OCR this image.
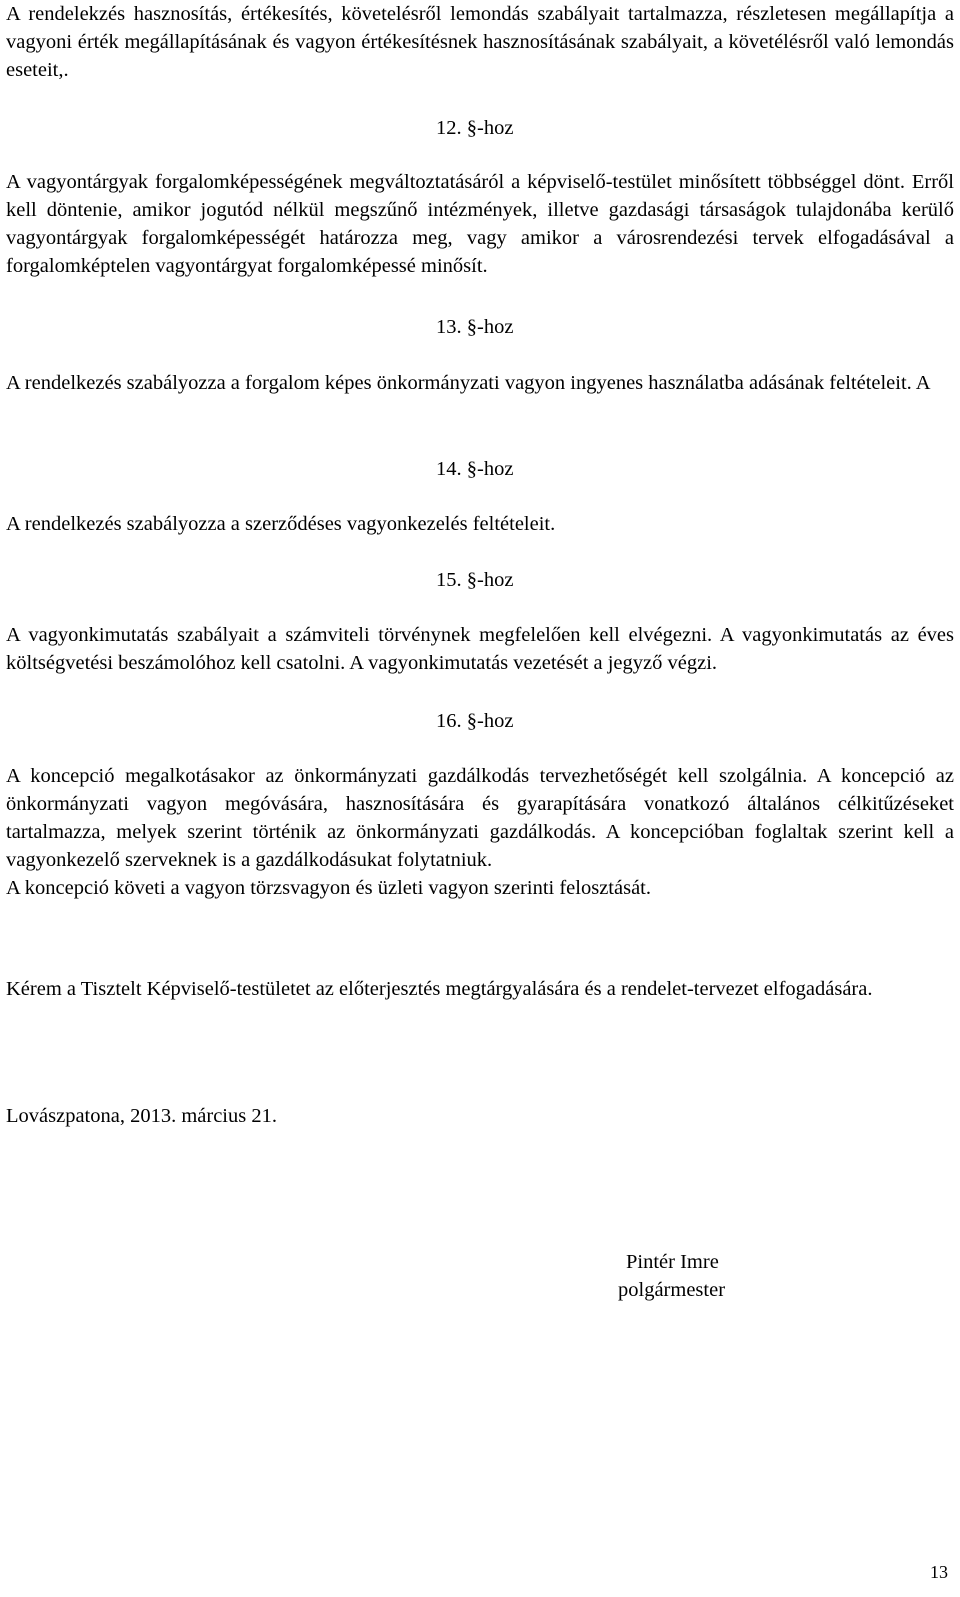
A rendelekzés hasznosítás, értékesítés, követelésről lemondás szabályait tartalmazza, részletesen megállapítja a vagyoni érték megállapításának és vagyon értékesítésnek hasznosításának szabályait, a követélésről való lemondás eseteit,.

12. §-hoz

A vagyontárgyak forgalomképességének megváltoztatásáról a képviselő-testület minősített többséggel dönt. Erről kell döntenie, amikor jogutód nélkül megszűnő intézmények, illetve gazdasági társaságok tulajdonába kerülő vagyontárgyak forgalomképességét határozza meg, vagy amikor a városrendezési tervek elfogadásával a forgalomképtelen vagyontárgyat forgalomképessé minősít.

13. §-hoz

A rendelkezés szabályozza a forgalom képes önkormányzati vagyon ingyenes használatba adásának feltételeit. A

14. §-hoz

A rendelkezés szabályozza a szerződéses vagyonkezelés feltételeit.

15. §-hoz

A vagyonkimutatás szabályait a számviteli törvénynek megfelelően kell elvégezni. A vagyonkimutatás az éves költségvetési beszámolóhoz kell csatolni. A vagyonkimutatás vezetését a jegyző végzi.

16. §-hoz

A koncepció megalkotásakor az önkormányzati gazdálkodás tervezhetőségét kell szolgálnia. A koncepció az önkormányzati vagyon megóvására, hasznosítására és gyarapítására vonatkozó általános célkitűzéseket tartalmazza, melyek szerint történik az önkormányzati gazdálkodás. A koncepcióban foglaltak szerint kell a vagyonkezelő szerveknek is a gazdálkodásukat folytatniuk.

A koncepció követi a vagyon törzsvagyon és üzleti vagyon szerinti felosztását.

Kérem a Tisztelt Képviselő-testületet az előterjesztés megtárgyalására és a rendelet-tervezet elfogadására.

Lovászpatona, 2013. március 21.

Pintér Imre

polgármester

13
